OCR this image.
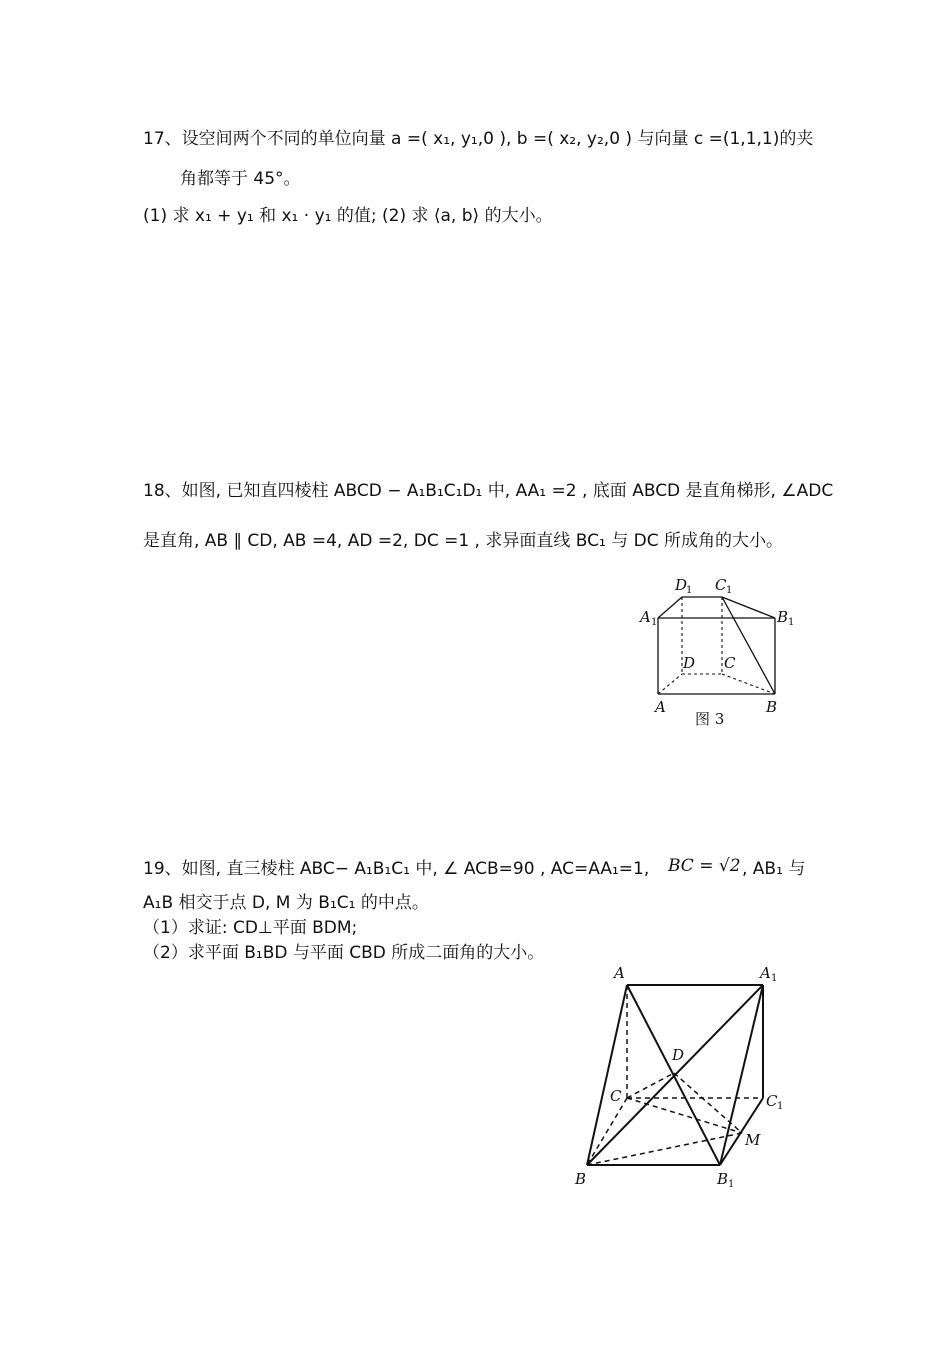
17、设空间两个不同的单位向量 a =( x₁, y₁,0 ), b =( x₂, y₂,0 ) 与向量 c =(1,1,1)的夹
角都等于 45°。
(1) 求 x₁ + y₁ 和 x₁ · y₁ 的值; (2) 求 ⟨a, b⟩ 的大小。
18、如图, 已知直四棱柱 ABCD − A₁B₁C₁D₁ 中, AA₁ =2 , 底面 ABCD 是直角梯形, ∠ADC
是直角, AB ∥ CD, AB =4, AD =2, DC =1 , 求异面直线 BC₁ 与 DC 所成角的大小。
A 1
D
1 C 1
B 1
D C
A	B
图 3
19、如图, 直三棱柱 ABC− A₁B₁C₁ 中, ∠ ACB=90 , AC=AA₁=1, BC = √2 , AB₁ 与
A₁B 相交于点 D, M 为 B₁C₁ 的中点。
（1）求证: CD⊥平面 BDM;
（2）求平面 B₁BD 与平面 CBD 所成二面角的大小。
A	A 1
D
C	C 1
M
B	B 1
